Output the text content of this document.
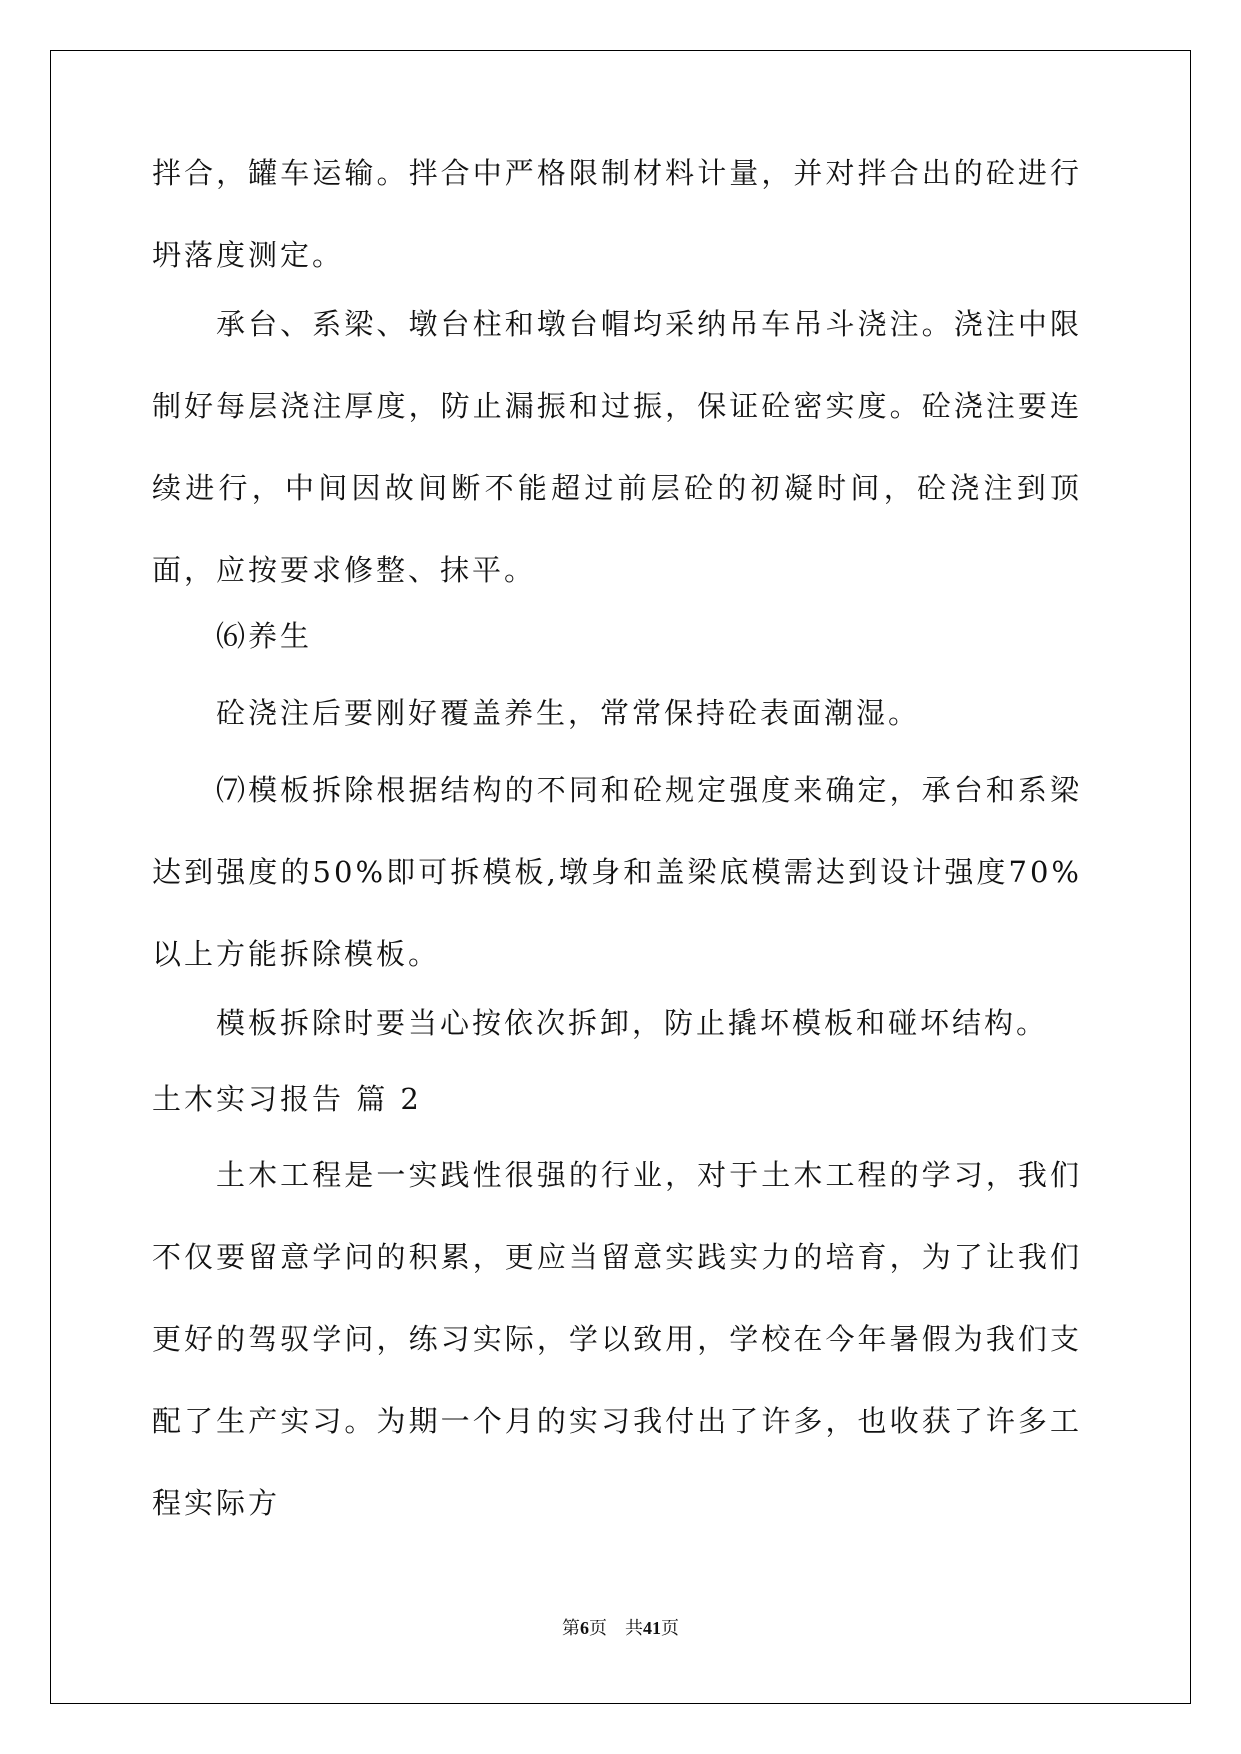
拌合，罐车运输。拌合中严格限制材料计量，并对拌合出的砼进行坍落度测定。

承台、系梁、墩台柱和墩台帽均采纳吊车吊斗浇注。浇注中限制好每层浇注厚度，防止漏振和过振，保证砼密实度。砼浇注要连续进行，中间因故间断不能超过前层砼的初凝时间，砼浇注到顶面，应按要求修整、抹平。

⑹养生

砼浇注后要刚好覆盖养生，常常保持砼表面潮湿。

⑺模板拆除根据结构的不同和砼规定强度来确定，承台和系梁达到强度的50%即可拆模板,墩身和盖梁底模需达到设计强度70%以上方能拆除模板。

模板拆除时要当心按依次拆卸，防止撬坏模板和碰坏结构。

土木实习报告 篇 2

土木工程是一实践性很强的行业，对于土木工程的学习，我们不仅要留意学问的积累，更应当留意实践实力的培育，为了让我们更好的驾驭学问，练习实际，学以致用，学校在今年暑假为我们支配了生产实习。为期一个月的实习我付出了许多，也收获了许多工程实际方

第6页 共41页
